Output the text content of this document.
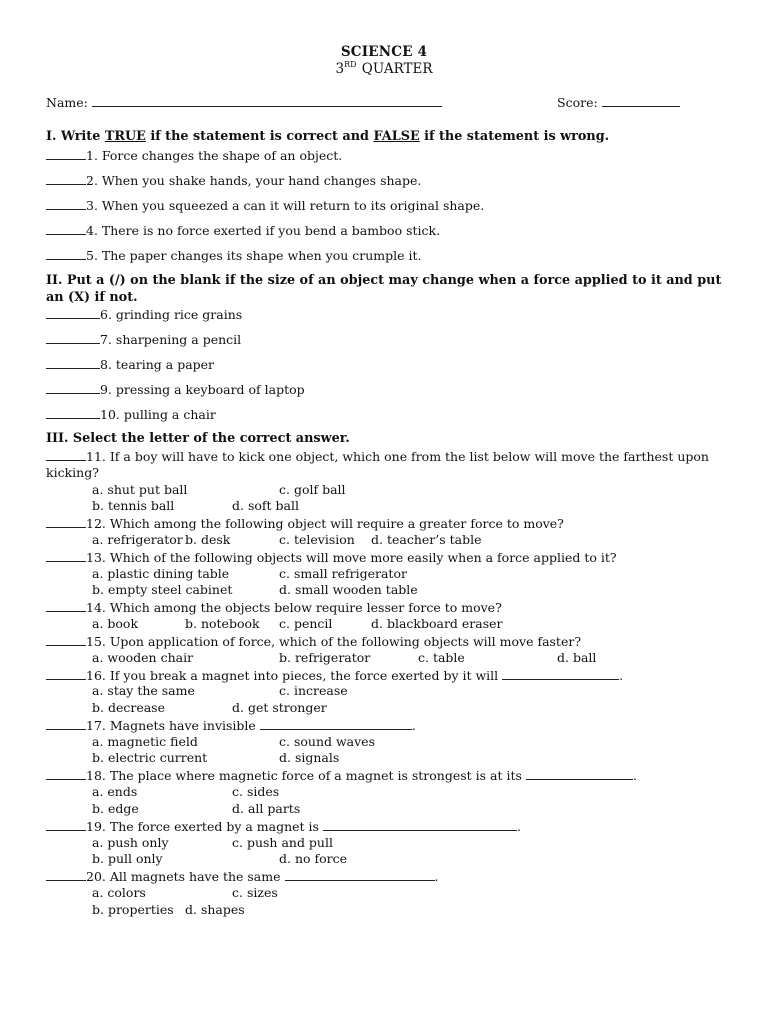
SCIENCE 4
3RD QUARTER
Name:	Score:
I. Write TRUE if the statement is correct and FALSE if the statement is wrong.
1. Force changes the shape of an object.
2. When you shake hands, your hand changes shape.
3. When you squeezed a can it will return to its original shape.
4. There is no force exerted if you bend a bamboo stick.
5. The paper changes its shape when you crumple it.
II. Put a (/) on the blank if the size of an object may change when a force applied to it and put an (X) if not.
6. grinding rice grains
7. sharpening a pencil
8. tearing a paper
9. pressing a keyboard of laptop
10. pulling a chair
III. Select the letter of the correct answer.
11. If a boy will have to kick one object, which one from the list below will move the farthest upon kicking?
a. shut put ball	c. golf ball
b. tennis ball	d. soft ball
12. Which among the following object will require a greater force to move?
a. refrigerator b. desk	c. television d. teacher’s table
13. Which of the following objects will move more easily when a force applied to it?
a. plastic dining table	c. small refrigerator
b. empty steel cabinet	d. small wooden table
14. Which among the objects below require lesser force to move?
a. book	b. notebook c. pencil	d. blackboard eraser
15. Upon application of force, which of the following objects will move faster?
a. wooden chair	b. refrigerator	c. table	d. ball
16. If you break a magnet into pieces, the force exerted by it will	.
a. stay the same	c. increase
b. decrease	d. get stronger
17. Magnets have invisible	.
a. magnetic field	c. sound waves
b. electric current	d. signals
18. The place where magnetic force of a magnet is strongest is at its	.
a. ends	c. sides
b. edge	d. all parts
19. The force exerted by a magnet is	.
a. push only	c. push and pull
b. pull only	d. no force
20. All magnets have the same	.
a. colors	c. sizes
b. properties d. shapes
